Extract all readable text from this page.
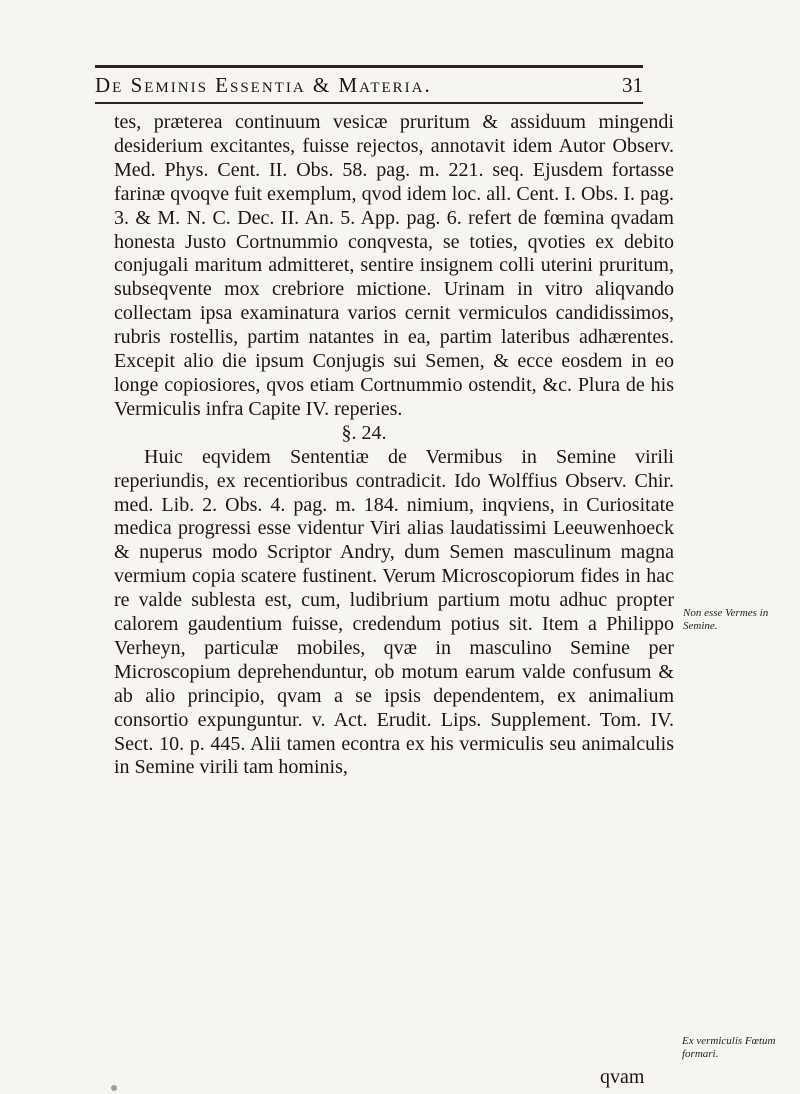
De Seminis Essentia & Materia.	31

tes, præterea continuum vesicæ pruritum & assiduum mingendi desiderium excitantes, fuisse rejectos, annotavit idem Autor Observ. Med. Phys. Cent. II. Obs. 58. pag. m. 221. seq. Ejusdem fortasse farinæ qvoqve fuit exemplum, qvod idem loc. all. Cent. I. Obs. I. pag. 3. & M. N. C. Dec. II. An. 5. App. pag. 6. refert de fœmina qvadam honesta Justo Cortnummio conqvesta, se toties, qvoties ex debito conjugali maritum admitteret, sentire insignem colli uterini pruritum, subseqvente mox crebriore mictione. Urinam in vitro aliqvando collectam ipsa examinatura varios cernit vermiculos candidissimos, rubris rostellis, partim natantes in ea, partim lateribus adhærentes. Excepit alio die ipsum Conjugis sui Semen, & ecce eosdem in eo longe copiosiores, qvos etiam Cortnummio ostendit, &c. Plura de his Vermiculis infra Capite IV. reperies.

§. 24.

Huic eqvidem Sententiæ de Vermibus in Semine virili reperiundis, ex recentioribus contradicit. Ido Wolffius Observ. Chir. med. Lib. 2. Obs. 4. pag. m. 184. nimium, inqviens, in Curiositate medica progressi esse videntur Viri alias laudatissimi Leeuwenhoeck & nuperus modo Scriptor Andry, dum Semen masculinum magna vermium copia scatere fustinent. Verum Microscopiorum fides in hac re valde sublesta est, cum, ludibrium partium motu adhuc propter calorem gaudentium fuisse, credendum potius sit. Item a Philippo Verheyn, particulæ mobiles, qvæ in masculino Semine per Microscopium deprehenduntur, ob motum earum valde confusum & ab alio principio, qvam a se ipsis dependentem, ex animalium consortio expunguntur. v. Act. Erudit. Lips. Supplement. Tom. IV. Sect. 10. p. 445. Alii tamen econtra ex his vermiculis seu animalculis in Semine virili tam hominis,

Non esse Vermes in Semine.
Ex vermiculis Fœtum formari.
qvam
